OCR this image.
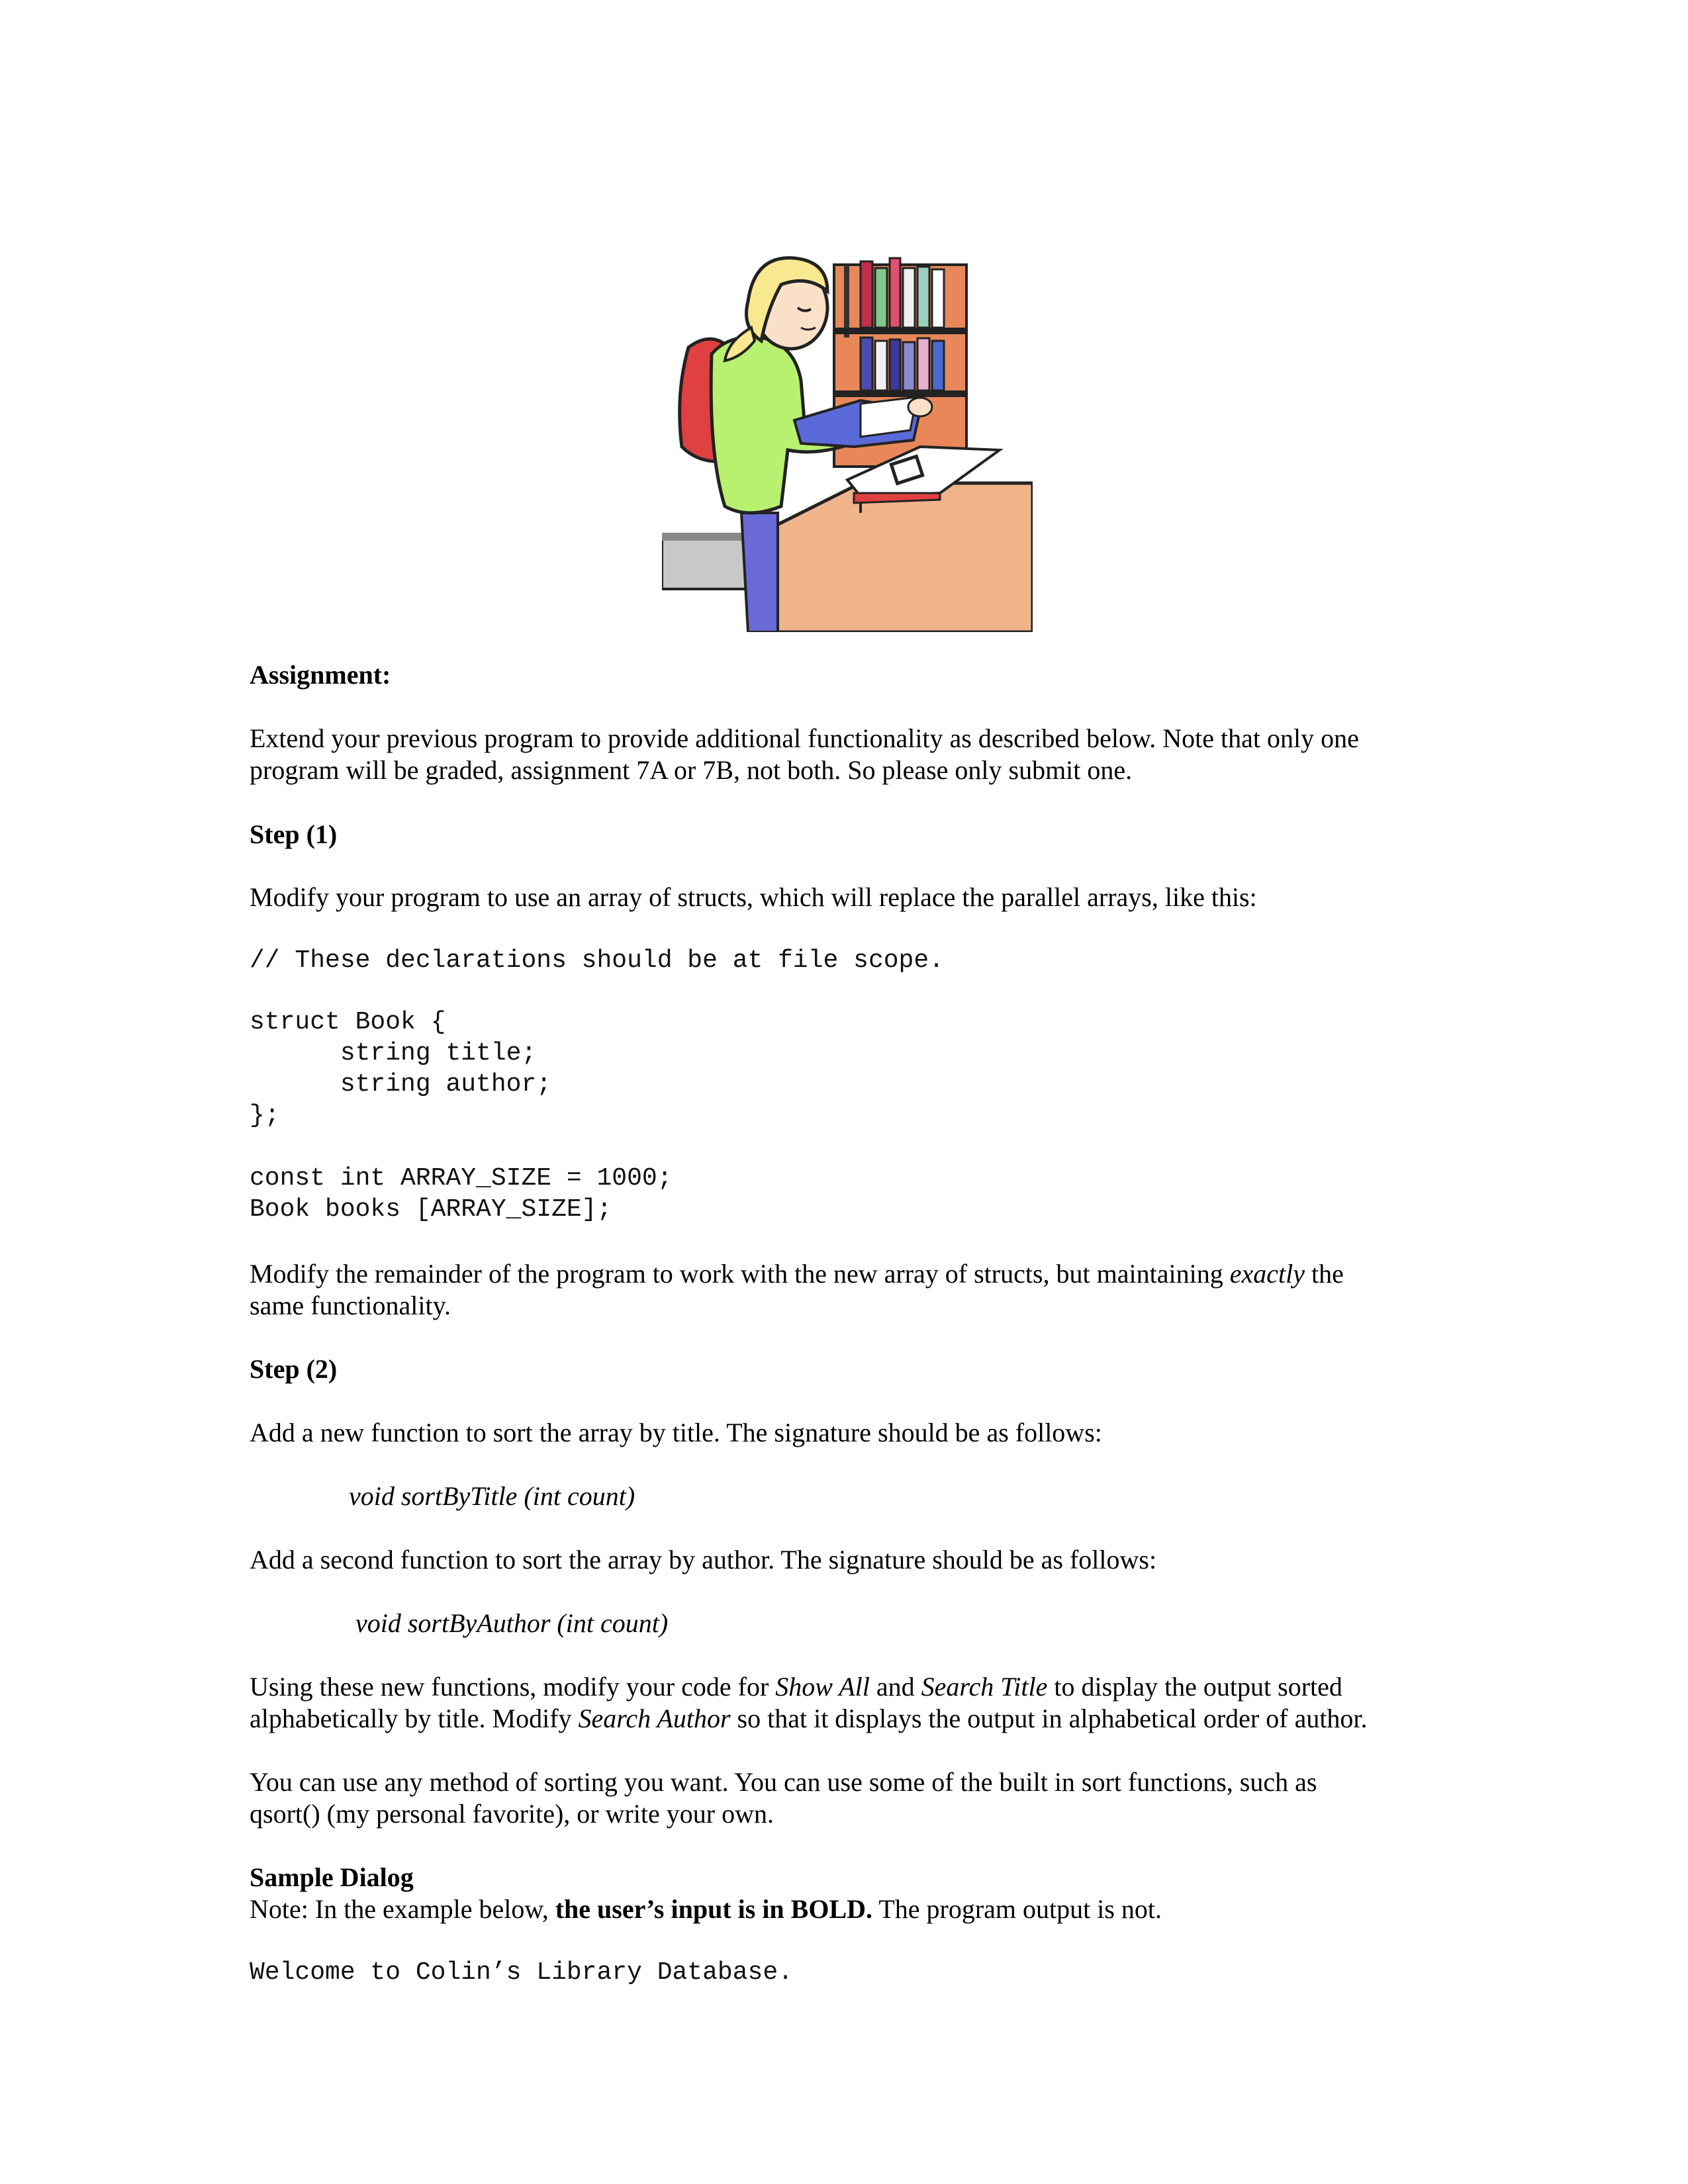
Assignment:
Extend your previous program to provide additional functionality as described below. Note that only one
program will be graded, assignment 7A or 7B, not both. So please only submit one.
Step (1)
Modify your program to use an array of structs, which will replace the parallel arrays, like this:
// These declarations should be at file scope.
struct Book {
string title;
string author;
};
const int ARRAY_SIZE = 1000;
Book books [ARRAY_SIZE];
Modify the remainder of the program to work with the new array of structs, but maintaining exactly the
same functionality.
Step (2)
Add a new function to sort the array by title. The signature should be as follows:
void sortByTitle (int count)
Add a second function to sort the array by author. The signature should be as follows:
void sortByAuthor (int count)
Using these new functions, modify your code for Show All and Search Title to display the output sorted
alphabetically by title. Modify Search Author so that it displays the output in alphabetical order of author.
You can use any method of sorting you want. You can use some of the built in sort functions, such as
qsort() (my personal favorite), or write your own.
Sample Dialog
Note: In the example below, the user’s input is in BOLD. The program output is not.
Welcome to Colin’s Library Database.
